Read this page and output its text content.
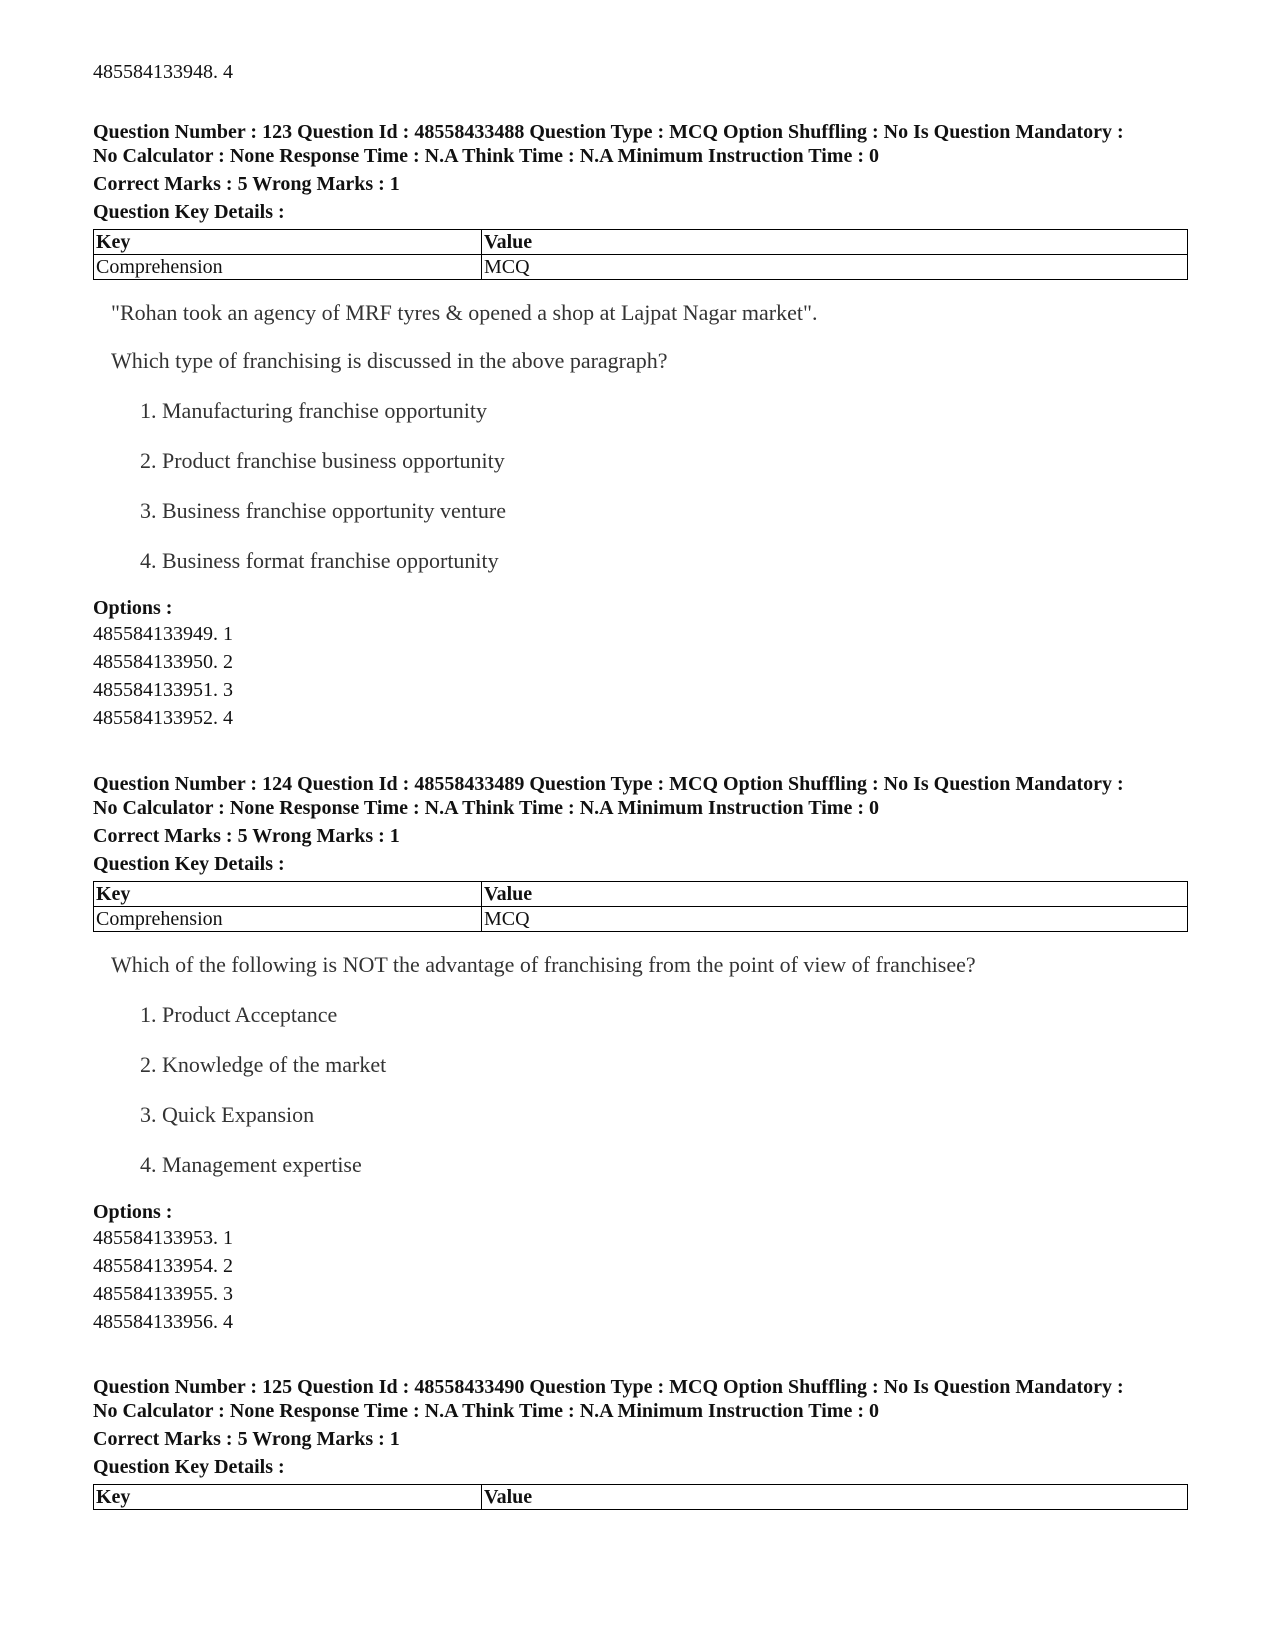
485584133948. 4
Question Number : 123 Question Id : 48558433488 Question Type : MCQ Option Shuffling : No Is Question Mandatory :
No Calculator : None Response Time : N.A Think Time : N.A Minimum Instruction Time : 0
Correct Marks : 5 Wrong Marks : 1
Question Key Details :
Key	Value
Comprehension	MCQ
"Rohan took an agency of MRF tyres & opened a shop at Lajpat Nagar market".
Which type of franchising is discussed in the above paragraph?
1. Manufacturing franchise opportunity
2. Product franchise business opportunity
3. Business franchise opportunity venture
4. Business format franchise opportunity
Options :
485584133949. 1
485584133950. 2
485584133951. 3
485584133952. 4
Question Number : 124 Question Id : 48558433489 Question Type : MCQ Option Shuffling : No Is Question Mandatory :
No Calculator : None Response Time : N.A Think Time : N.A Minimum Instruction Time : 0
Correct Marks : 5 Wrong Marks : 1
Question Key Details :
Key	Value
Comprehension	MCQ
Which of the following is NOT the advantage of franchising from the point of view of franchisee?
1. Product Acceptance
2. Knowledge of the market
3. Quick Expansion
4. Management expertise
Options :
485584133953. 1
485584133954. 2
485584133955. 3
485584133956. 4
Question Number : 125 Question Id : 48558433490 Question Type : MCQ Option Shuffling : No Is Question Mandatory :
No Calculator : None Response Time : N.A Think Time : N.A Minimum Instruction Time : 0
Correct Marks : 5 Wrong Marks : 1
Question Key Details :
Key	Value
